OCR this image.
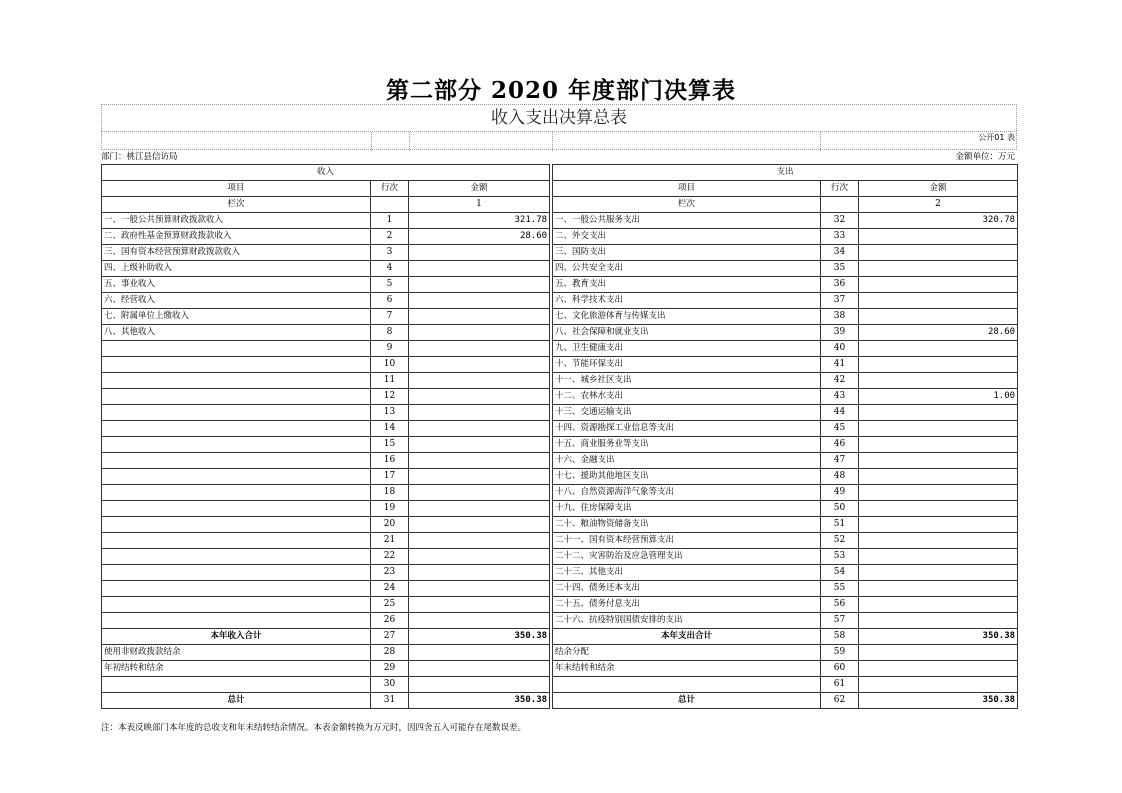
第二部分 2020 年度部门决算表
收入支出决算总表
公开01 表
部门：桃江县信访局	金额单位：万元
收入				支出		
项目	行次	金额		项目	行次	金额
栏次		1		栏次		2
一、一般公共预算财政拨款收入	1	321.78		一、一般公共服务支出	32	320.78
二、政府性基金预算财政拨款收入	2	28.60		二、外交支出	33	
三、国有资本经营预算财政拨款收入	3			三、国防支出	34	
四、上级补助收入	4			四、公共安全支出	35	
五、事业收入	5			五、教育支出	36	
六、经营收入	6			六、科学技术支出	37	
七、附属单位上缴收入	7			七、文化旅游体育与传媒支出	38	
八、其他收入	8			八、社会保障和就业支出	39	28.60
	9			九、卫生健康支出	40	
	10			十、节能环保支出	41	
	11			十一、城乡社区支出	42	
	12			十二、农林水支出	43	1.00
	13			十三、交通运输支出	44	
	14			十四、资源勘探工业信息等支出	45	
	15			十五、商业服务业等支出	46	
	16			十六、金融支出	47	
	17			十七、援助其他地区支出	48	
	18			十八、自然资源海洋气象等支出	49	
	19			十九、住房保障支出	50	
	20			二十、粮油物资储备支出	51	
	21			二十一、国有资本经营预算支出	52	
	22			二十二、灾害防治及应急管理支出	53	
	23			二十三、其他支出	54	
	24			二十四、债务还本支出	55	
	25			二十五、债务付息支出	56	
	26			二十六、抗疫特别国债安排的支出	57	
本年收入合计	27	350.38		本年支出合计	58	350.38
使用非财政拨款结余	28			结余分配	59	
年初结转和结余	29			年末结转和结余	60	
	30				61	
总计	31	350.38		总计	62	350.38
注：本表反映部门本年度的总收支和年末结转结余情况。本表金额转换为万元时，因四舍五入可能存在尾数误差。
